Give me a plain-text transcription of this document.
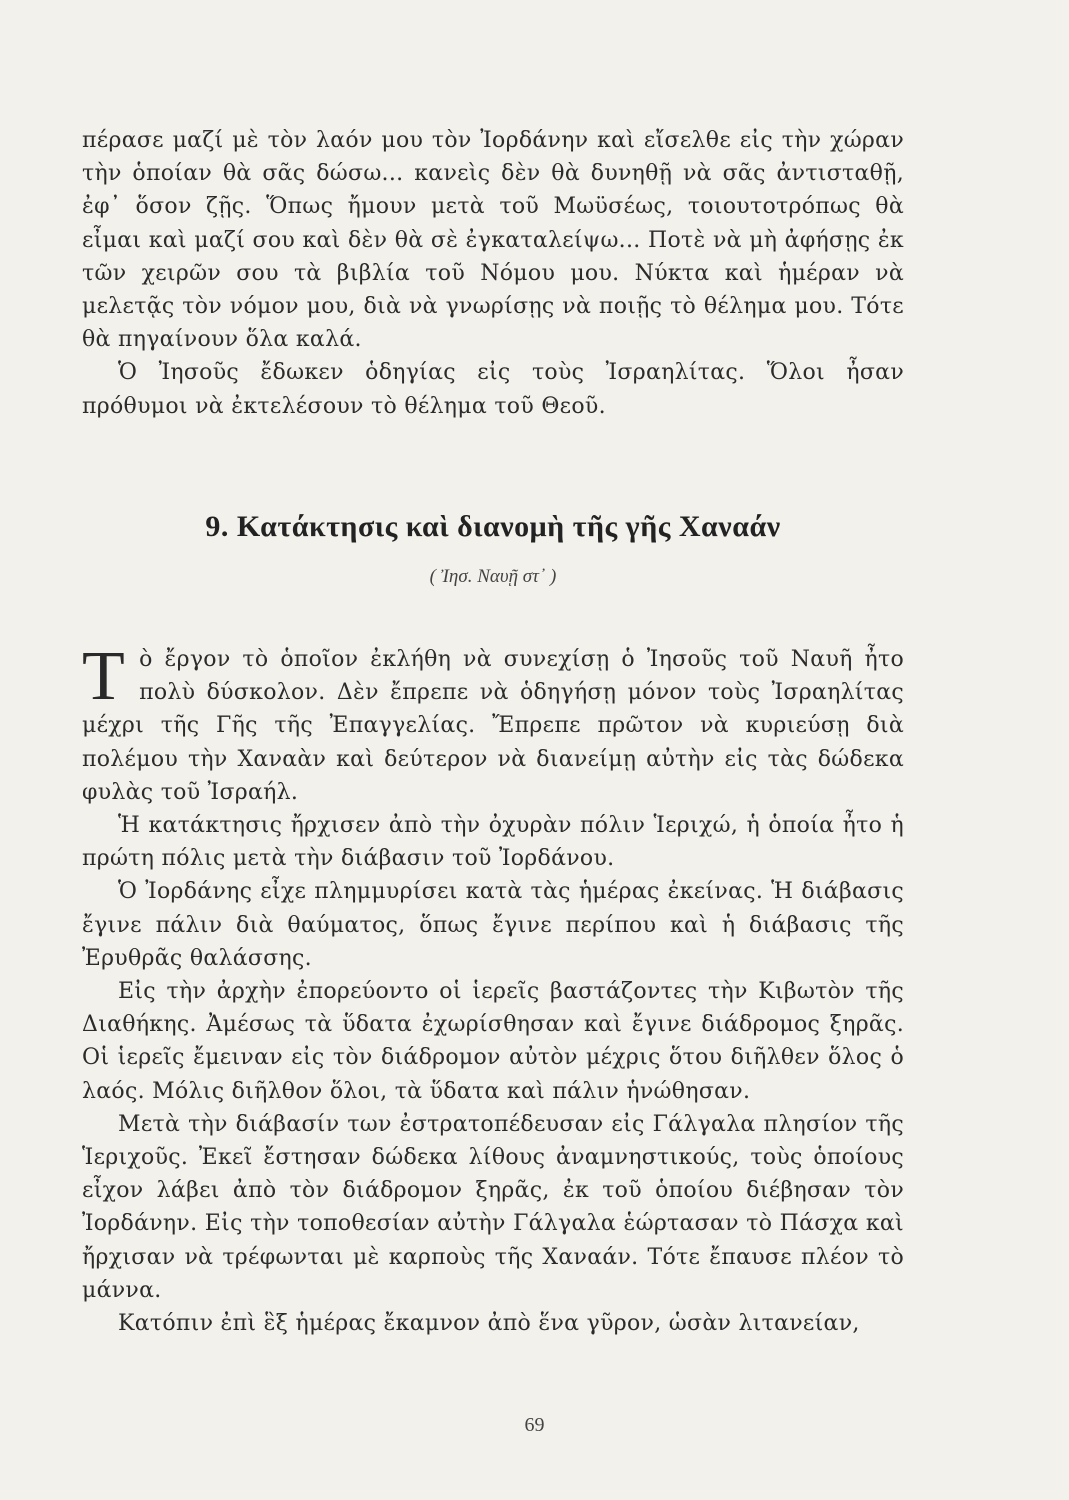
πέρασε μαζί μὲ τὸν λαόν μου τὸν Ἰορδάνην καὶ εἴσελθε εἰς τὴν χώραν τὴν ὁποίαν θὰ σᾶς δώσω... κανεὶς δὲν θὰ δυνηθῇ νὰ σᾶς ἀντισταθῇ, ἐφ᾽ ὅσον ζῇς. Ὅπως ἤμουν μετὰ τοῦ Μωϋσέως, τοιουτοτρόπως θὰ εἶμαι καὶ μαζί σου καὶ δὲν θὰ σὲ ἐγκαταλείψω... Ποτὲ νὰ μὴ ἀφήσῃς ἐκ τῶν χειρῶν σου τὰ βιβλία τοῦ Νόμου μου. Νύκτα καὶ ἡμέραν νὰ μελετᾷς τὸν νόμον μου, διὰ νὰ γνωρίσῃς νὰ ποιῇς τὸ θέλημα μου. Τότε θὰ πηγαίνουν ὅλα καλά.

Ὁ Ἰησοῦς ἔδωκεν ὁδηγίας εἰς τοὺς Ἰσραηλίτας. Ὅλοι ἦσαν πρόθυμοι νὰ ἐκτελέσουν τὸ θέλημα τοῦ Θεοῦ.

9. Κατάκτησις καὶ διανομὴ τῆς γῆς Χαναάν
( Ἰησ. Ναυῇ στ᾽ )

Τὸ ἔργον τὸ ὁποῖον ἐκλήθη νὰ συνεχίσῃ ὁ Ἰησοῦς τοῦ Ναυῆ ἦτο πολὺ δύσκολον. Δὲν ἔπρεπε νὰ ὁδηγήσῃ μόνον τοὺς Ἰσραηλίτας μέχρι τῆς Γῆς τῆς Ἐπαγγελίας. Ἔπρεπε πρῶτον νὰ κυριεύσῃ διὰ πολέμου τὴν Χαναὰν καὶ δεύτερον νὰ διανείμῃ αὐτὴν εἰς τὰς δώδεκα φυλὰς τοῦ Ἰσραήλ.

Ἡ κατάκτησις ἤρχισεν ἀπὸ τὴν ὀχυρὰν πόλιν Ἱεριχώ, ἡ ὁποία ἦτο ἡ πρώτη πόλις μετὰ τὴν διάβασιν τοῦ Ἰορδάνου.

Ὁ Ἰορδάνης εἶχε πλημμυρίσει κατὰ τὰς ἡμέρας ἐκείνας. Ἡ διάβασις ἔγινε πάλιν διὰ θαύματος, ὅπως ἔγινε περίπου καὶ ἡ διάβασις τῆς Ἐρυθρᾶς θαλάσσης.

Εἰς τὴν ἀρχὴν ἐπορεύοντο οἱ ἱερεῖς βαστάζοντες τὴν Κιβωτὸν τῆς Διαθήκης. Ἀμέσως τὰ ὕδατα ἐχωρίσθησαν καὶ ἔγινε διάδρομος ξηρᾶς. Οἱ ἱερεῖς ἔμειναν εἰς τὸν διάδρομον αὐτὸν μέχρις ὅτου διῆλθεν ὅλος ὁ λαός. Μόλις διῆλθον ὅλοι, τὰ ὕδατα καὶ πάλιν ἡνώθησαν.

Μετὰ τὴν διάβασίν των ἐστρατοπέδευσαν εἰς Γάλγαλα πλησίον τῆς Ἱεριχοῦς. Ἐκεῖ ἔστησαν δώδεκα λίθους ἀναμνηστικούς, τοὺς ὁποίους εἶχον λάβει ἀπὸ τὸν διάδρομον ξηρᾶς, ἐκ τοῦ ὁποίου διέβησαν τὸν Ἰορδάνην. Εἰς τὴν τοποθεσίαν αὐτὴν Γάλγαλα ἑώρτασαν τὸ Πάσχα καὶ ἤρχισαν νὰ τρέφωνται μὲ καρποὺς τῆς Χαναάν. Τότε ἔπαυσε πλέον τὸ μάννα.

Κατόπιν ἐπὶ ἓξ ἡμέρας ἔκαμνον ἀπὸ ἕνα γῦρον, ὡσὰν λιτανείαν,

69
